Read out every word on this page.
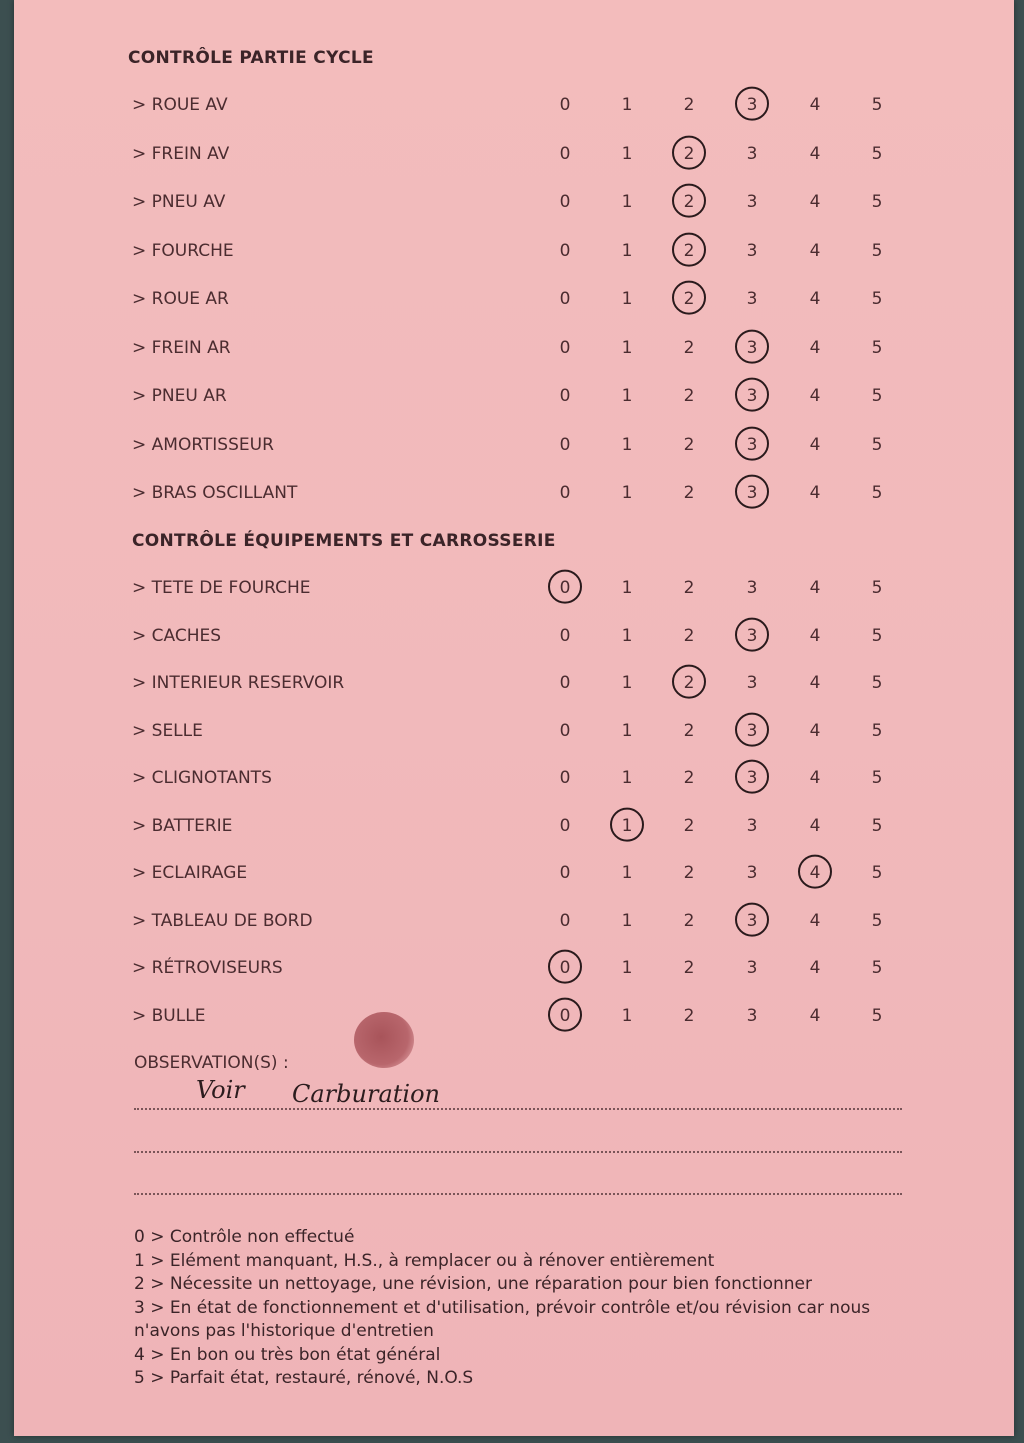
CONTRÔLE PARTIE CYCLE
> ROUE AV	0	1	2	3	4	5
> FREIN AV	0	1	2	3	4	5
> PNEU AV	0	1	2	3	4	5
> FOURCHE	0	1	2	3	4	5
> ROUE AR	0	1	2	3	4	5
> FREIN AR	0	1	2	3	4	5
> PNEU AR	0	1	2	3	4	5
> AMORTISSEUR	0	1	2	3	4	5
> BRAS OSCILLANT	0	1	2	3	4	5
CONTRÔLE ÉQUIPEMENTS ET CARROSSERIE
> TETE DE FOURCHE	0	1	2	3	4	5
> CACHES	0	1	2	3	4	5
> INTERIEUR RESERVOIR	0	1	2	3	4	5
> SELLE	0	1	2	3	4	5
> CLIGNOTANTS	0	1	2	3	4	5
> BATTERIE	0	1	2	3	4	5
> ECLAIRAGE	0	1	2	3	4	5
> TABLEAU DE BORD	0	1	2	3	4	5
> RÉTROVISEURS	0	1	2	3	4	5
> BULLE	0	1	2	3	4	5
OBSERVATION(S) :
Voir Carburation
0 > Contrôle non effectué
1 > Elément manquant, H.S., à remplacer ou à rénover entièrement
2 > Nécessite un nettoyage, une révision, une réparation pour bien fonctionner
3 > En état de fonctionnement et d'utilisation, prévoir contrôle et/ou révision car nous n'avons pas l'historique d'entretien
4 > En bon ou très bon état général
5 > Parfait état, restauré, rénové, N.O.S
